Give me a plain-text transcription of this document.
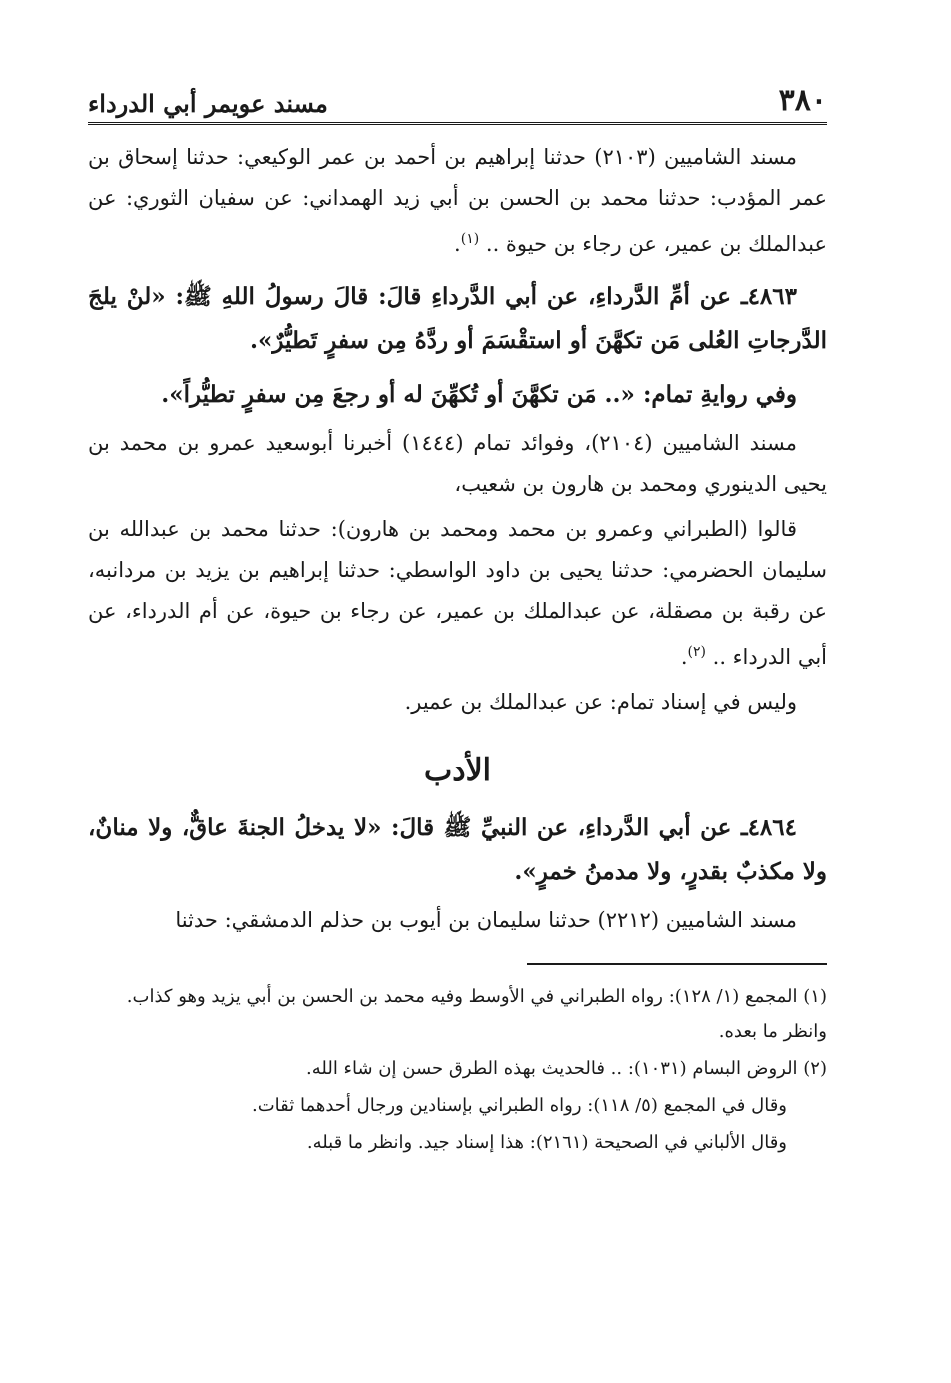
٣٨٠
مسند عويمر أبي الدرداء

مسند الشاميين (٢١٠٣) حدثنا إبراهيم بن أحمد بن عمر الوكيعي: حدثنا إسحاق بن عمر المؤدب: حدثنا محمد بن الحسن بن أبي زيد الهمداني: عن سفيان الثوري: عن عبدالملك بن عمير، عن رجاء بن حيوة .. $^{(١)}$.

٤٨٦٣ـ عن أمِّ الدَّرداءِ، عن أبي الدَّرداءِ قالَ: قالَ رسولُ اللهِ ﷺ: «لنْ يلجَ الدَّرجاتِ العُلى مَن تكهَّنَ أو استقْسَمَ أو ردَّهُ مِن سفرٍ تَطيُّرٌ».

وفي روايةِ تمام: «.. مَن تكهَّنَ أو تُكهِّنَ له أو رجعَ مِن سفرٍ تطيُّراً».

مسند الشاميين (٢١٠٤)، وفوائد تمام (١٤٤٤) أخبرنا أبوسعيد عمرو بن محمد بن يحيى الدينوري ومحمد بن هارون بن شعيب،

قالوا (الطبراني وعمرو بن محمد ومحمد بن هارون): حدثنا محمد بن عبدالله بن سليمان الحضرمي: حدثنا يحيى بن داود الواسطي: حدثنا إبراهيم بن يزيد بن مردانبه، عن رقبة بن مصقلة، عن عبدالملك بن عمير، عن رجاء بن حيوة، عن أم الدرداء، عن أبي الدرداء .. $^{(٢)}$.

وليس في إسناد تمام: عن عبدالملك بن عمير.

الأدب

٤٨٦٤ـ عن أبي الدَّرداءِ، عن النبيِّ ﷺ قالَ: «لا يدخلُ الجنةَ عاقٌّ، ولا منانٌ، ولا مكذبٌ بقدرٍ، ولا مدمنُ خمرٍ».

مسند الشاميين (٢٢١٢) حدثنا سليمان بن أيوب بن حذلم الدمشقي: حدثنا

(١) المجمع (١/ ١٢٨): رواه الطبراني في الأوسط وفيه محمد بن الحسن بن أبي يزيد وهو كذاب. وانظر ما بعده.

(٢) الروض البسام (١٠٣١): .. فالحديث بهذه الطرق حسن إن شاء الله.

وقال في المجمع (٥/ ١١٨): رواه الطبراني بإسنادين ورجال أحدهما ثقات.

وقال الألباني في الصحيحة (٢١٦١): هذا إسناد جيد. وانظر ما قبله.
